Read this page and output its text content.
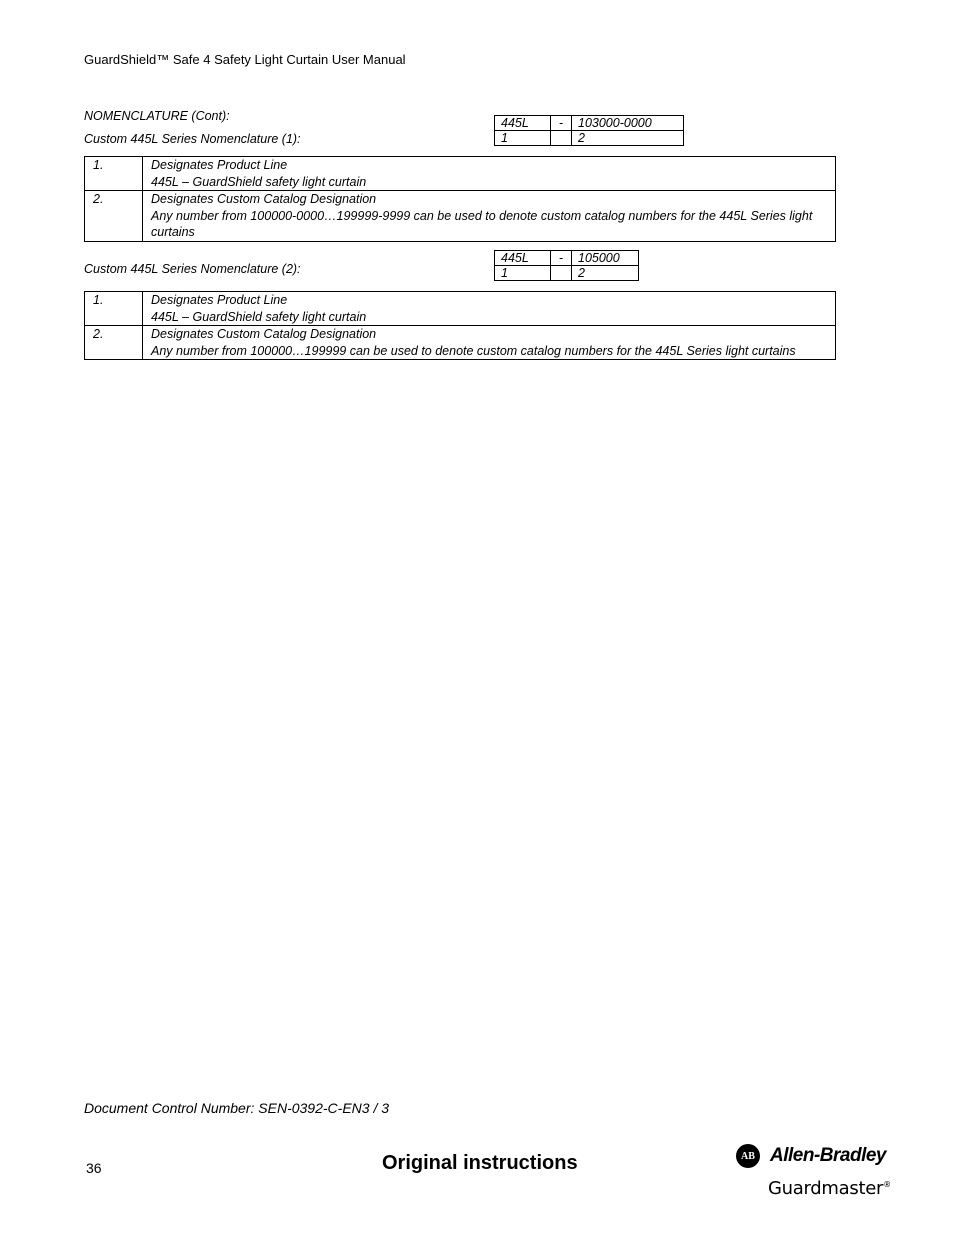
GuardShield™ Safe 4 Safety Light Curtain User Manual
NOMENCLATURE (Cont):
Custom 445L Series Nomenclature (1):
445L	-	103000-0000
1		2
1.	Designates Product Line
445L – GuardShield safety light curtain

2.	Designates Custom Catalog Designation
Any number from 100000-0000…199999-9999 can be used to denote custom catalog numbers for the 445L Series light curtains
Custom 445L Series Nomenclature (2):
445L	-	105000
1		2
1.	Designates Product Line
445L – GuardShield safety light curtain

2.	Designates Custom Catalog Designation
Any number from 100000…199999 can be used to denote custom catalog numbers for the 445L Series light curtains
Document Control Number: SEN-0392-C-EN3 / 3
36	Original instructions	AB Allen-Bradley
Guardmaster®
